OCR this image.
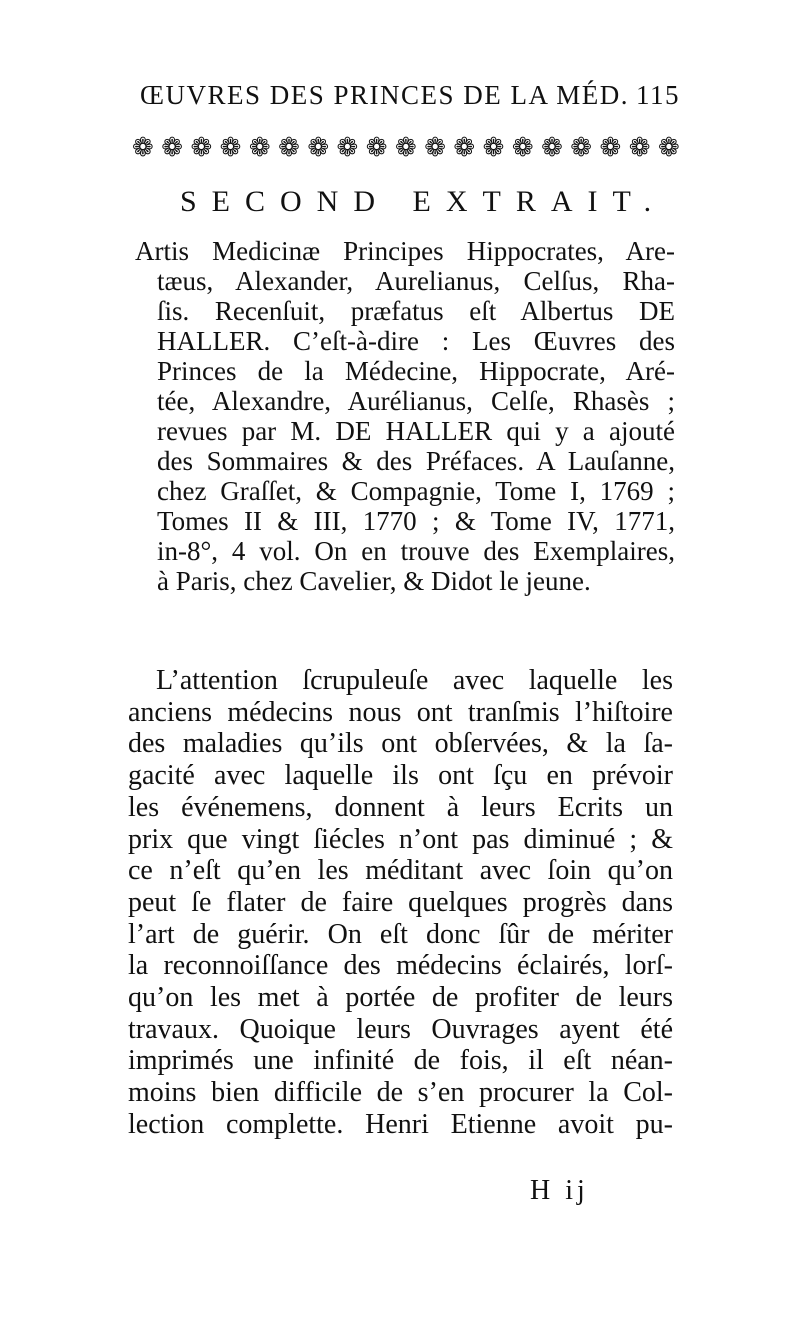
ŒUVRES DES PRINCES DE LA MÉD. 115
❁ ❁ ❁ ❁ ❁ ❁ ❁ ❁ ❁ ❁ ❁ ❁ ❁ ❁ ❁ ❁ ❁ ❁ ❁
SECOND EXTRAIT.
Artis Medicinæ Principes Hippocrates, Are-
tæus, Alexander, Aurelianus, Celſus, Rha-
ſis. Recenſuit, præfatus eſt Albertus DE
HALLER. C’eſt-à-dire : Les Œuvres des
Princes de la Médecine, Hippocrate, Aré-
tée, Alexandre, Aurélianus, Celſe, Rhasès ;
revues par M. DE HALLER qui y a ajouté
des Sommaires & des Préfaces. A Lauſanne,
chez Graſſet, & Compagnie, Tome I, 1769 ;
Tomes II & III, 1770 ; & Tome IV, 1771,
in-8°, 4 vol. On en trouve des Exemplaires,
à Paris, chez Cavelier, & Didot le jeune.
L’attention ſcrupuleuſe avec laquelle les
anciens médecins nous ont tranſmis l’hiſtoire
des maladies qu’ils ont obſervées, & la ſa-
gacité avec laquelle ils ont ſçu en prévoir
les événemens, donnent à leurs Ecrits un
prix que vingt ſiécles n’ont pas diminué ; &
ce n’eſt qu’en les méditant avec ſoin qu’on
peut ſe flater de faire quelques progrès dans
l’art de guérir. On eſt donc ſûr de mériter
la reconnoiſſance des médecins éclairés, lorſ-
qu’on les met à portée de profiter de leurs
travaux. Quoique leurs Ouvrages ayent été
imprimés une infinité de fois, il eſt néan-
moins bien difficile de s’en procurer la Col-
lection complette. Henri Etienne avoit pu-
H ij
